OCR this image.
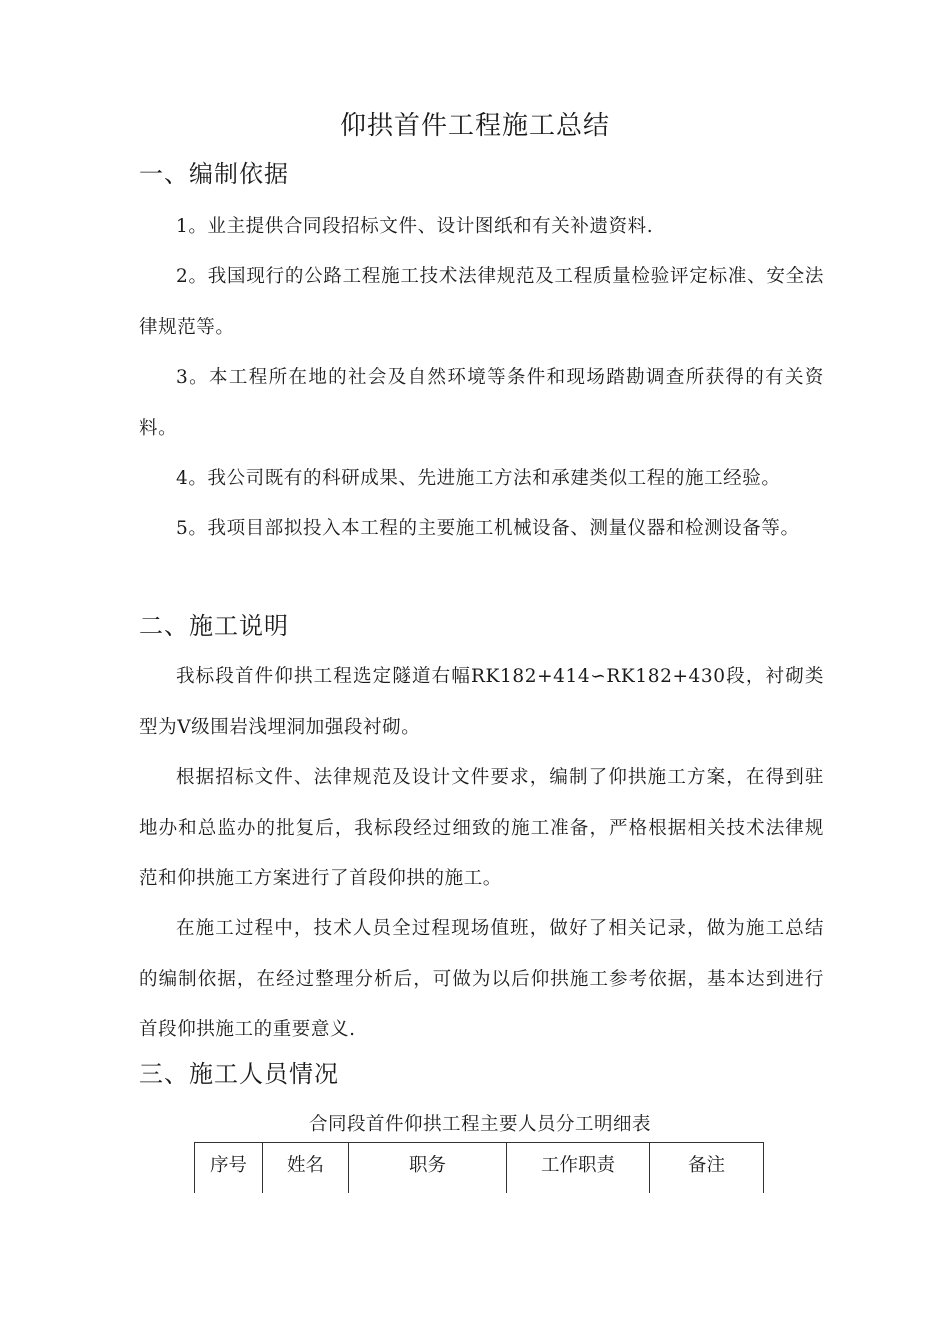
仰拱首件工程施工总结
一、编制依据

1。业主提供合同段招标文件、设计图纸和有关补遗资料.

2。我国现行的公路工程施工技术法律规范及工程质量检验评定标准、安全法律规范等。

3。本工程所在地的社会及自然环境等条件和现场踏勘调查所获得的有关资料。

4。我公司既有的科研成果、先进施工方法和承建类似工程的施工经验。

5。我项目部拟投入本工程的主要施工机械设备、测量仪器和检测设备等。

二、施工说明

我标段首件仰拱工程选定隧道右幅RK182+414∽RK182+430段，衬砌类型为Ⅴ级围岩浅埋洞加强段衬砌。

根据招标文件、法律规范及设计文件要求，编制了仰拱施工方案，在得到驻地办和总监办的批复后，我标段经过细致的施工准备，严格根据相关技术法律规范和仰拱施工方案进行了首段仰拱的施工。

在施工过程中，技术人员全过程现场值班，做好了相关记录，做为施工总结的编制依据，在经过整理分析后，可做为以后仰拱施工参考依据，基本达到进行首段仰拱施工的重要意义.

三、施工人员情况
合同段首件仰拱工程主要人员分工明细表
序号	姓名	职务	工作职责	备注
